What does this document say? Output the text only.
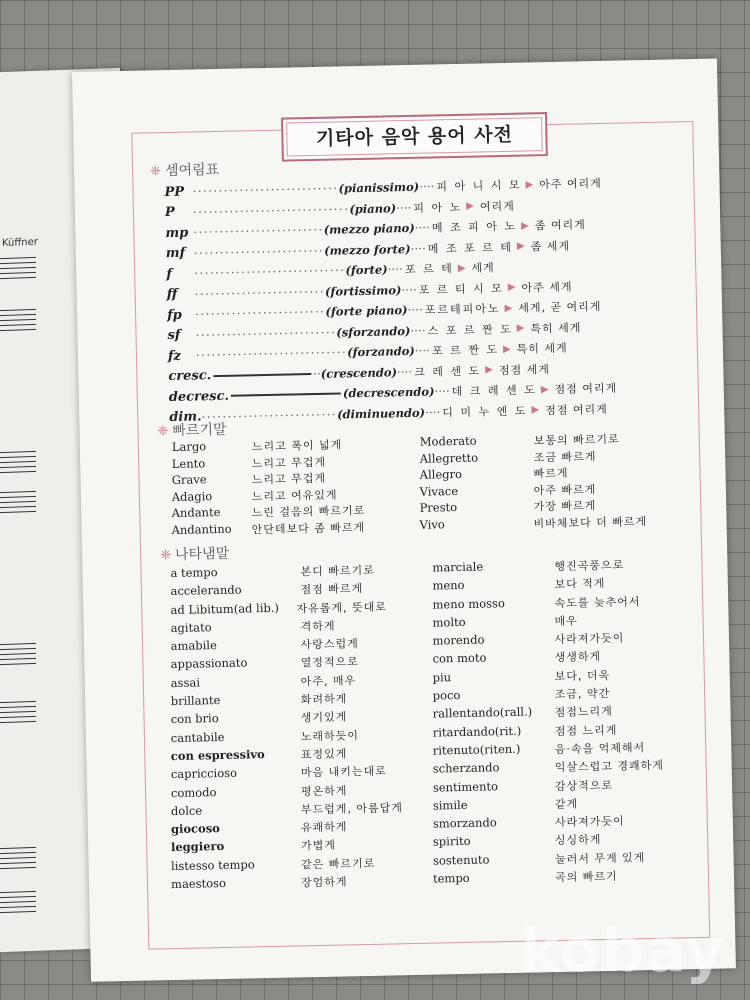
Küffner
기타아 음악 용어 사전
❈ 셈여림표
PP ···························· (pianissimo) ···· 피 아 니 시 모 ▶ 아주 여리게
P	······························ (piano) ···· 피 아 노 ▶ 여리게
mp ························· (mezzo piano) ···· 메 조 피 아 노 ▶ 좀 여리게
mf ························· (mezzo forte) ···· 메 조 포 르 테 ▶ 좀 세게
f	····························· (forte) ···· 포 르 테 ▶ 세게
ff	························· (fortissimo) ···· 포 르 티 시 모 ▶ 아주 세게
fp	························· (forte piano) ···· 포르테피아노 ▶ 세게, 곧 여리게
sf	··························· (sforzando) ···· 스 포 르 짠 도 ▶ 특히 세게
fz	····························· (forzando) ···· 포 르 짠 도 ▶ 특히 세게
cresc.	·· (crescendo) ···· 크 레 센 도 ▶ 점점 세게
decresc.	(decrescendo) ···· 데 크 레 센 도 ▶ 점점 여리게
dim. ·························· (diminuendo) ···· 디 미 누 엔 도 ▶ 점점 여리게
❈ 빠르기말
Largo	느리고 폭이 넓게	Moderato	보통의 빠르기로
Lento	느리고 무겁게	Allegretto	조금 빠르게
Grave	느리고 무겁게	Allegro	빠르게
Adagio	느리고 여유있게	Vivace	아주 빠르게
Andante	느린 걸음의 빠르기로	Presto	가장 빠르게
Andantino 안단테보다 좀 빠르게	Vivo	비바체보다 더 빠르게
❈ 나타냄말
a tempo	본디 빠르기로	marciale	행진곡풍으로
accelerando	점점 빠르게	meno	보다 적게
ad Libitum(ad lib.) 자유롭게, 뜻대로	meno mosso	속도를 늦추어서
agitato	격하게	molto	매우
amabile	사랑스럽게	morendo	사라져가듯이
appassionato	열정적으로	con moto	생생하게
assai	아주, 매우	piu	보다, 더욱
brillante	화려하게	poco	조금, 약간
con brio	생기있게	rallentando(rall.) 점점느리게
cantabile	노래하듯이	ritardando(rit.)	점점 느리게
con espressivo	표정있게	ritenuto(riten.)	음·속을 억제해서
capriccioso	마음 내키는대로	scherzando	익살스럽고 경쾌하게
comodo	평온하게	sentimento	감상적으로
dolce	부드럽게, 아름답게	simile	같게
giocoso	유쾌하게	smorzando	사라져가듯이
leggiero	가볍게	spirito	싱싱하게
listesso tempo	같은 빠르기로	sostenuto	눌러서 무게 있게
maestoso	장엄하게	tempo	곡의 빠르기
kobay
